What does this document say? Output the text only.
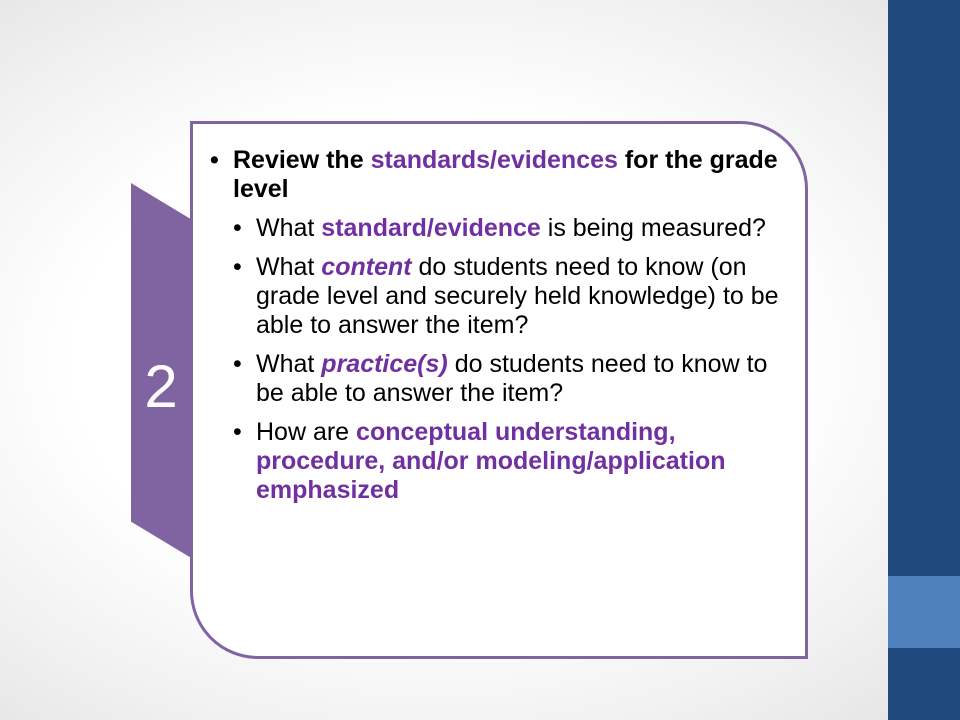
2
• Review the standards/evidences for the grade level
• What standard/evidence is being measured?
• What content do students need to know (on grade level and securely held knowledge) to be able to answer the item?
• What practice(s) do students need to know to be able to answer the item?
• How are conceptual understanding, procedure, and/or modeling/application emphasized
